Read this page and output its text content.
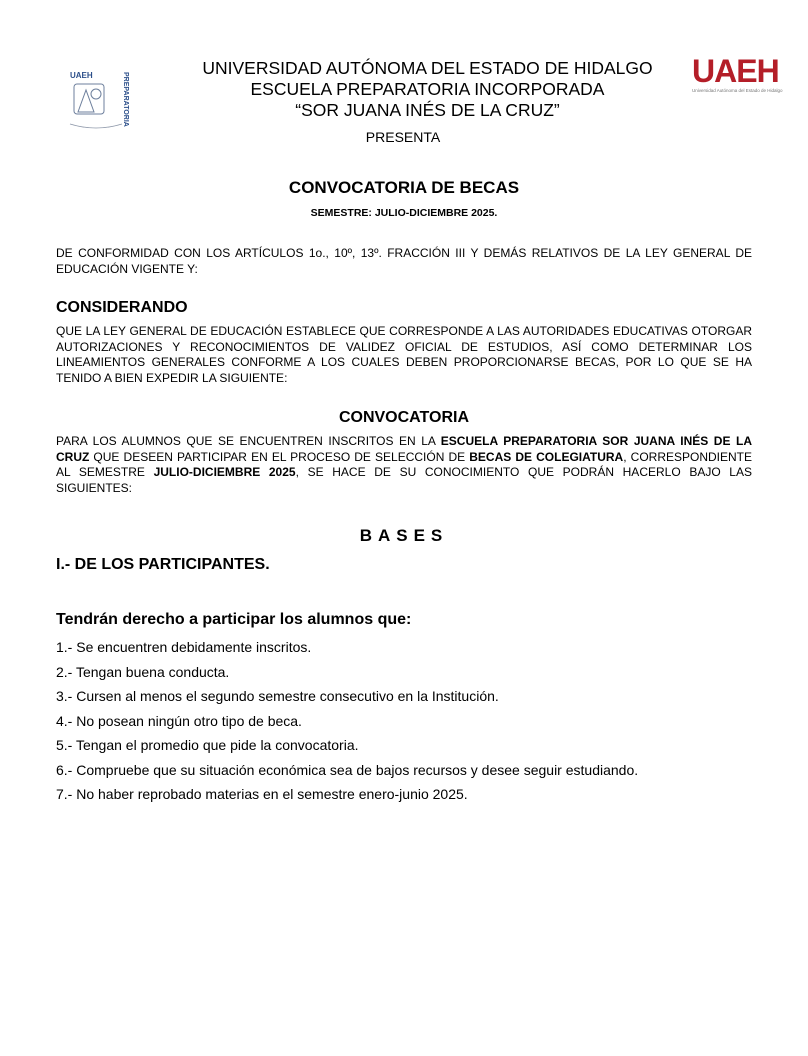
UAEH	PREPARATORIA
UAEH
Universidad Autónoma del Estado de Hidalgo
UNIVERSIDAD AUTÓNOMA DEL ESTADO DE HIDALGO
ESCUELA PREPARATORIA INCORPORADA
“SOR JUANA INÉS DE LA CRUZ”
PRESENTA
CONVOCATORIA DE BECAS
SEMESTRE: JULIO-DICIEMBRE 2025.
DE CONFORMIDAD CON LOS ARTÍCULOS 1o., 10º, 13º. FRACCIÓN III Y DEMÁS RELATIVOS DE LA LEY GENERAL DE EDUCACIÓN VIGENTE Y:
CONSIDERANDO
QUE LA LEY GENERAL DE EDUCACIÓN ESTABLECE QUE CORRESPONDE A LAS AUTORIDADES EDUCATIVAS OTORGAR AUTORIZACIONES Y RECONOCIMIENTOS DE VALIDEZ OFICIAL DE ESTUDIOS, ASÍ COMO DETERMINAR LOS LINEAMIENTOS GENERALES CONFORME A LOS CUALES DEBEN PROPORCIONARSE BECAS, POR LO QUE SE HA TENIDO A BIEN EXPEDIR LA SIGUIENTE:
CONVOCATORIA
PARA LOS ALUMNOS QUE SE ENCUENTREN INSCRITOS EN LA ESCUELA PREPARATORIA SOR JUANA INÉS DE LA CRUZ QUE DESEEN PARTICIPAR EN EL PROCESO DE SELECCIÓN DE BECAS DE COLEGIATURA, CORRESPONDIENTE AL SEMESTRE JULIO-DICIEMBRE 2025, SE HACE DE SU CONOCIMIENTO QUE PODRÁN HACERLO BAJO LAS SIGUIENTES:
BASES
I.- DE LOS PARTICIPANTES.
Tendrán derecho a participar los alumnos que:
1.- Se encuentren debidamente inscritos.
2.- Tengan buena conducta.
3.- Cursen al menos el segundo semestre consecutivo en la Institución.
4.- No posean ningún otro tipo de beca.
5.- Tengan el promedio que pide la convocatoria.
6.- Compruebe que su situación económica sea de bajos recursos y desee seguir estudiando.
7.- No haber reprobado materias en el semestre enero-junio 2025.
